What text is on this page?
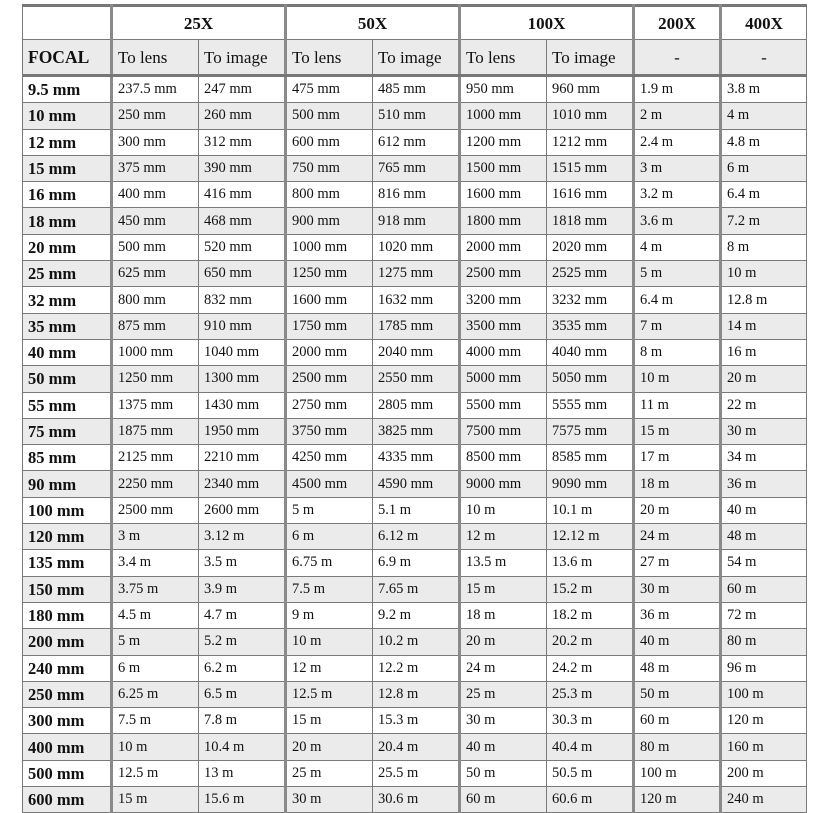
	25X		50X		100X		200X	400X
FOCAL	To lens	To image	To lens	To image	To lens	To image	-	-
9.5 mm	237.5 mm	247 mm	475 mm	485 mm	950 mm	960 mm	1.9 m	3.8 m
10 mm	250 mm	260 mm	500 mm	510 mm	1000 mm	1010 mm	2 m	4 m
12 mm	300 mm	312 mm	600 mm	612 mm	1200 mm	1212 mm	2.4 m	4.8 m
15 mm	375 mm	390 mm	750 mm	765 mm	1500 mm	1515 mm	3 m	6 m
16 mm	400 mm	416 mm	800 mm	816 mm	1600 mm	1616 mm	3.2 m	6.4 m
18 mm	450 mm	468 mm	900 mm	918 mm	1800 mm	1818 mm	3.6 m	7.2 m
20 mm	500 mm	520 mm	1000 mm	1020 mm	2000 mm	2020 mm	4 m	8 m
25 mm	625 mm	650 mm	1250 mm	1275 mm	2500 mm	2525 mm	5 m	10 m
32 mm	800 mm	832 mm	1600 mm	1632 mm	3200 mm	3232 mm	6.4 m	12.8 m
35 mm	875 mm	910 mm	1750 mm	1785 mm	3500 mm	3535 mm	7 m	14 m
40 mm	1000 mm	1040 mm	2000 mm	2040 mm	4000 mm	4040 mm	8 m	16 m
50 mm	1250 mm	1300 mm	2500 mm	2550 mm	5000 mm	5050 mm	10 m	20 m
55 mm	1375 mm	1430 mm	2750 mm	2805 mm	5500 mm	5555 mm	11 m	22 m
75 mm	1875 mm	1950 mm	3750 mm	3825 mm	7500 mm	7575 mm	15 m	30 m
85 mm	2125 mm	2210 mm	4250 mm	4335 mm	8500 mm	8585 mm	17 m	34 m
90 mm	2250 mm	2340 mm	4500 mm	4590 mm	9000 mm	9090 mm	18 m	36 m
100 mm	2500 mm	2600 mm	5 m	5.1 m	10 m	10.1 m	20 m	40 m
120 mm	3 m	3.12 m	6 m	6.12 m	12 m	12.12 m	24 m	48 m
135 mm	3.4 m	3.5 m	6.75 m	6.9 m	13.5 m	13.6 m	27 m	54 m
150 mm	3.75 m	3.9 m	7.5 m	7.65 m	15 m	15.2 m	30 m	60 m
180 mm	4.5 m	4.7 m	9 m	9.2 m	18 m	18.2 m	36 m	72 m
200 mm	5 m	5.2 m	10 m	10.2 m	20 m	20.2 m	40 m	80 m
240 mm	6 m	6.2 m	12 m	12.2 m	24 m	24.2 m	48 m	96 m
250 mm	6.25 m	6.5 m	12.5 m	12.8 m	25 m	25.3 m	50 m	100 m
300 mm	7.5 m	7.8 m	15 m	15.3 m	30 m	30.3 m	60 m	120 m
400 mm	10 m	10.4 m	20 m	20.4 m	40 m	40.4 m	80 m	160 m
500 mm	12.5 m	13 m	25 m	25.5 m	50 m	50.5 m	100 m	200 m
600 mm	15 m	15.6 m	30 m	30.6 m	60 m	60.6 m	120 m	240 m
